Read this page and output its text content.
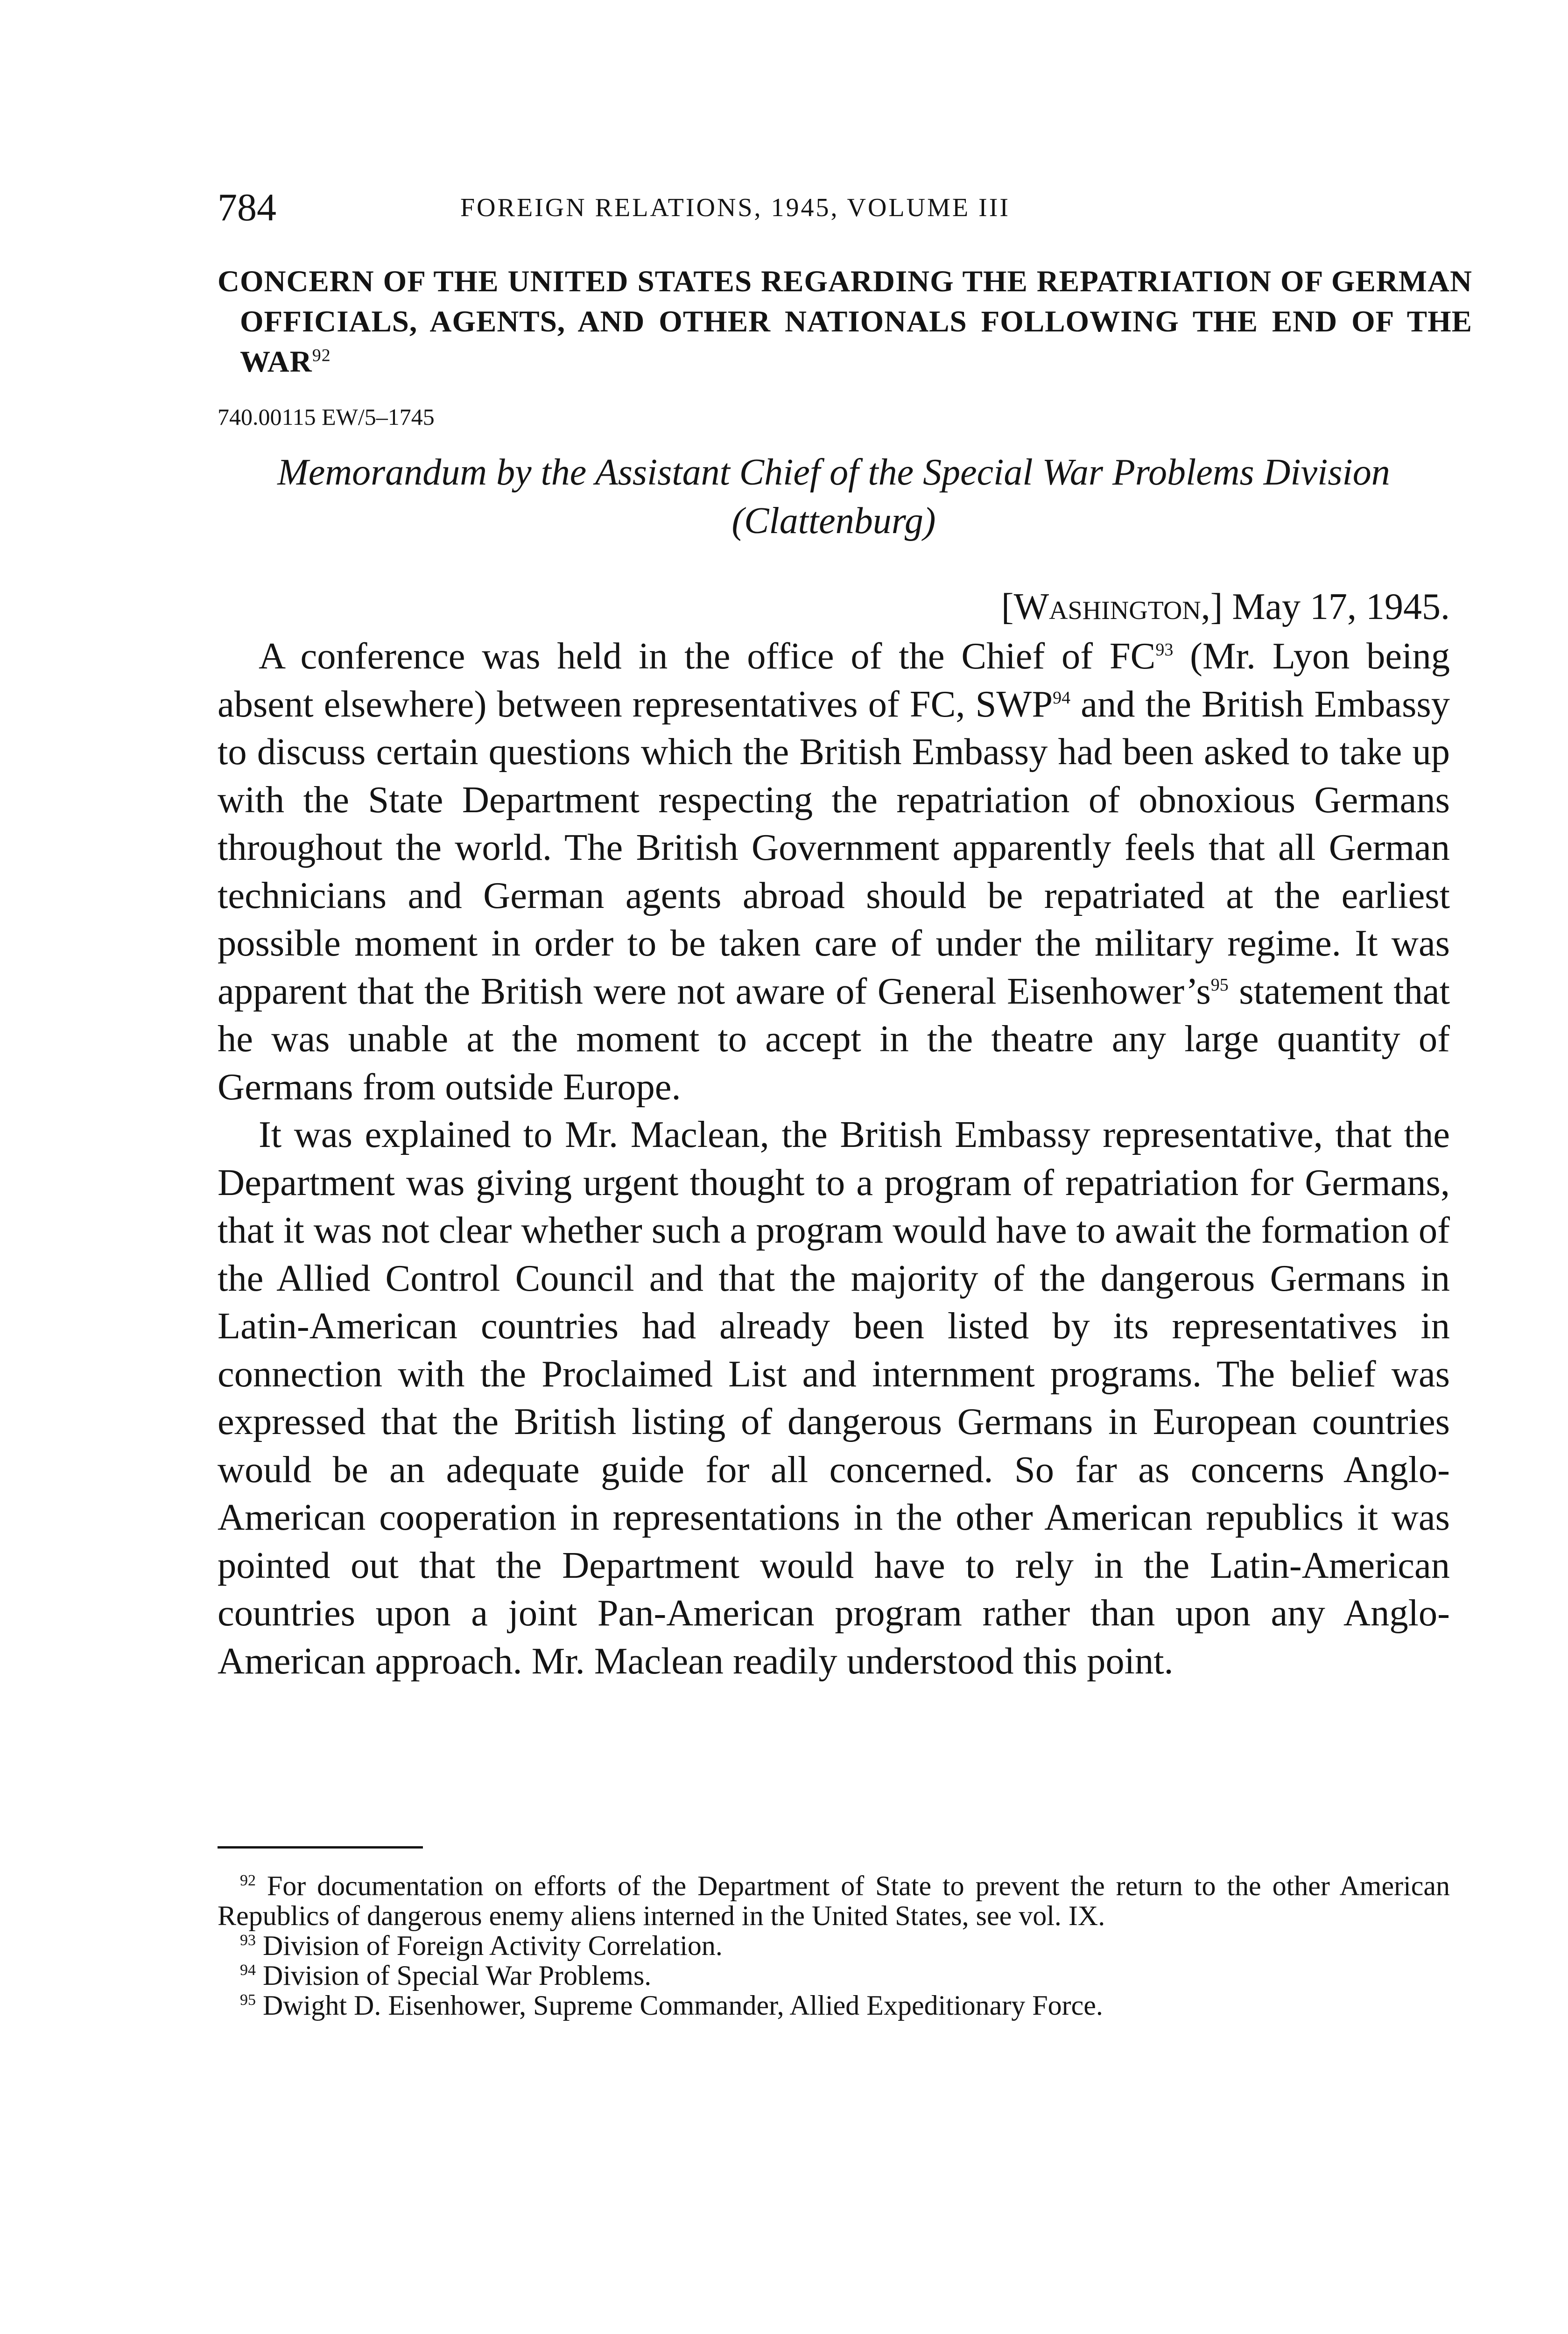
784	FOREIGN RELATIONS, 1945, VOLUME III
CONCERN OF THE UNITED STATES REGARDING THE REPATRIATION OF GERMAN OFFICIALS, AGENTS, AND OTHER NATIONALS FOLLOWING THE END OF THE WAR$^{92}$
740.00115 EW/5–1745
Memorandum by the Assistant Chief of the Special War Problems Division (Clattenburg)
[Washington,] May 17, 1945.

A conference was held in the office of the Chief of FC$^{93}$ (Mr. Lyon being absent elsewhere) between representatives of FC, SWP$^{94}$ and the British Embassy to discuss certain questions which the British Embassy had been asked to take up with the State Department respecting the repatriation of obnoxious Germans throughout the world. The British Government apparently feels that all German technicians and German agents abroad should be repatriated at the earliest possible moment in order to be taken care of under the military regime. It was apparent that the British were not aware of General Eisenhower’s$^{95}$ statement that he was unable at the moment to accept in the theatre any large quantity of Germans from outside Europe.

It was explained to Mr. Maclean, the British Embassy representative, that the Department was giving urgent thought to a program of repatriation for Germans, that it was not clear whether such a program would have to await the formation of the Allied Control Council and that the majority of the dangerous Germans in Latin-American countries had already been listed by its representatives in connection with the Proclaimed List and internment programs. The belief was expressed that the British listing of dangerous Germans in European countries would be an adequate guide for all concerned. So far as concerns Anglo-American cooperation in representations in the other American republics it was pointed out that the Department would have to rely in the Latin-American countries upon a joint Pan-American program rather than upon any Anglo-American approach. Mr. Maclean readily understood this point.

$^{92}$ For documentation on efforts of the Department of State to prevent the return to the other American Republics of dangerous enemy aliens interned in the United States, see vol. IX.

$^{93}$ Division of Foreign Activity Correlation.

$^{94}$ Division of Special War Problems.

$^{95}$ Dwight D. Eisenhower, Supreme Commander, Allied Expeditionary Force.
